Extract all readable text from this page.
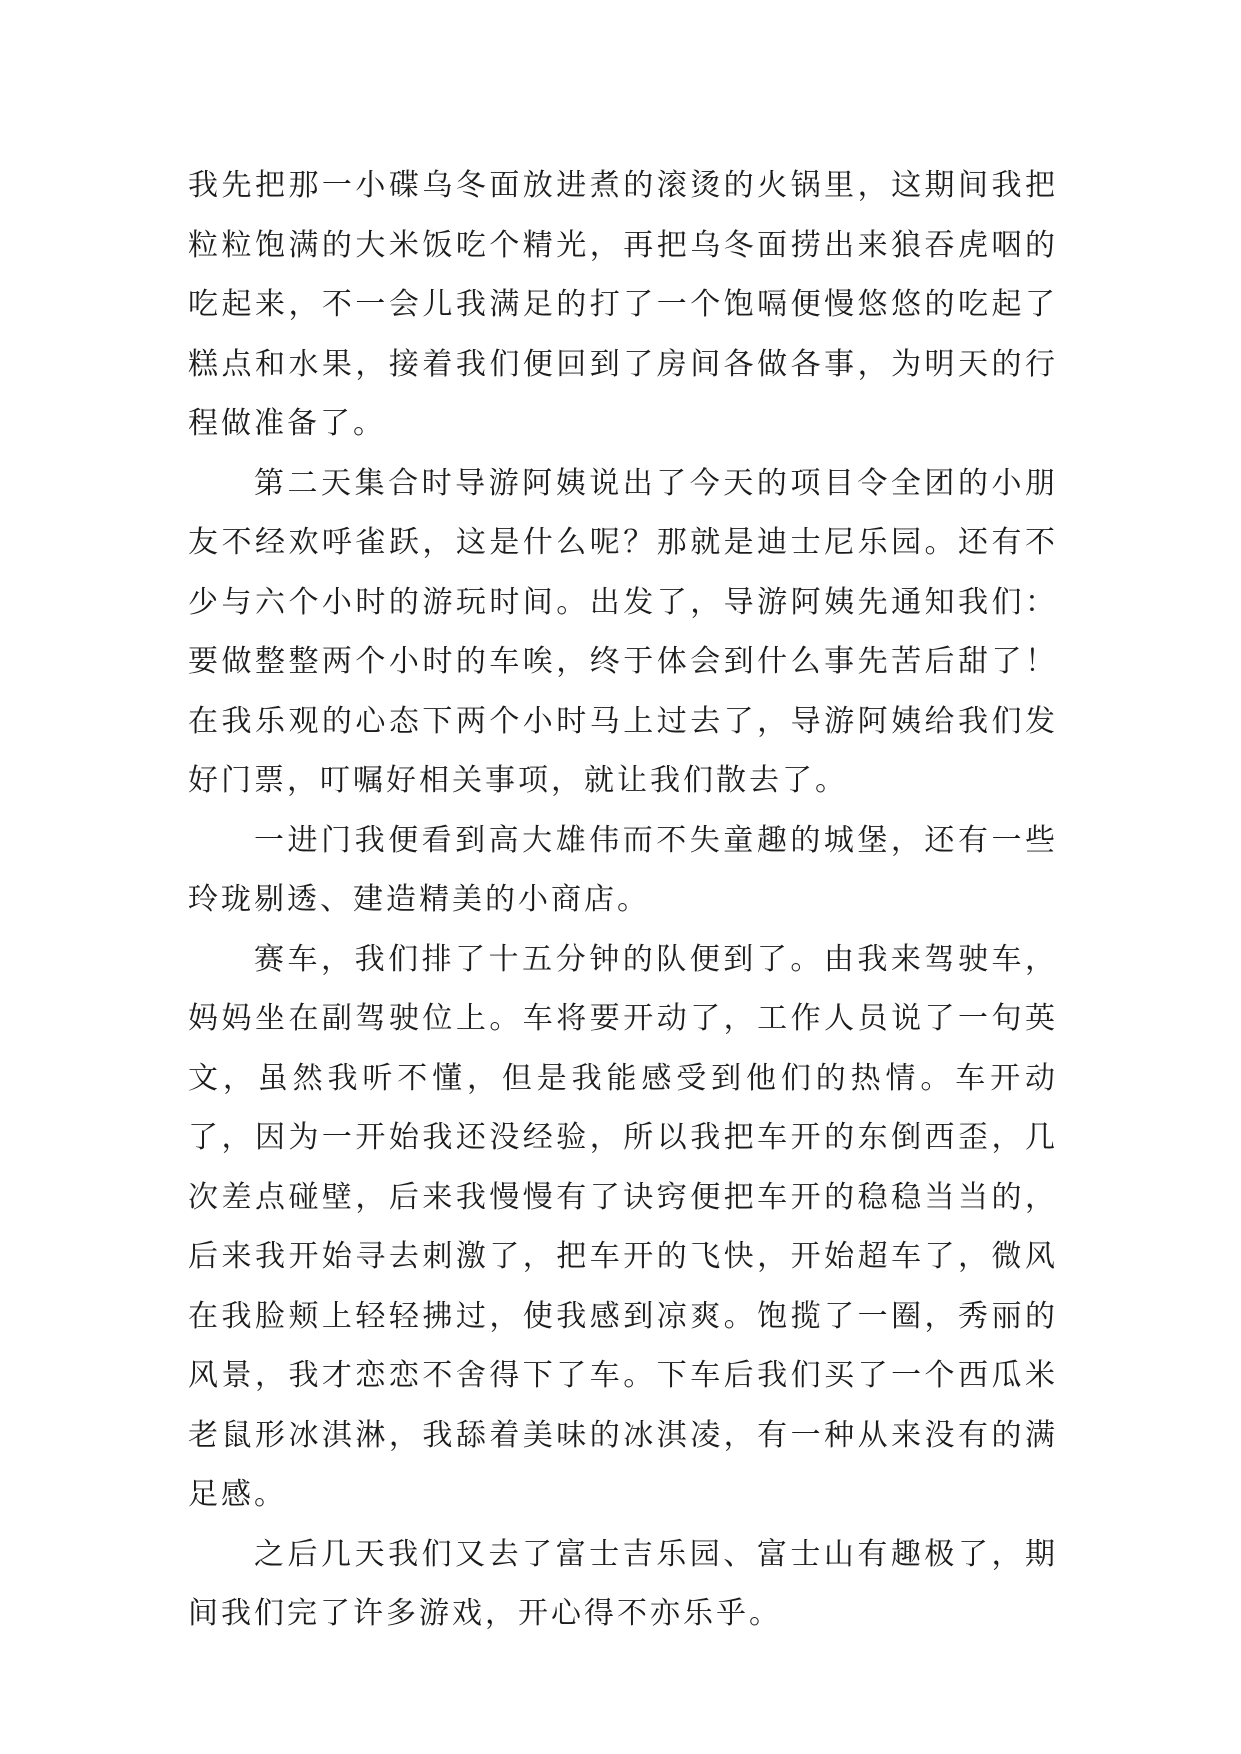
我先把那一小碟乌冬面放进煮的滚烫的火锅里，这期间我把粒粒饱满的大米饭吃个精光，再把乌冬面捞出来狼吞虎咽的吃起来，不一会儿我满足的打了一个饱嗝便慢悠悠的吃起了糕点和水果，接着我们便回到了房间各做各事，为明天的行程做准备了。

第二天集合时导游阿姨说出了今天的项目令全团的小朋友不经欢呼雀跃，这是什么呢？那就是迪士尼乐园。还有不少与六个小时的游玩时间。出发了，导游阿姨先通知我们：要做整整两个小时的车唉，终于体会到什么事先苦后甜了！在我乐观的心态下两个小时马上过去了，导游阿姨给我们发好门票，叮嘱好相关事项，就让我们散去了。

一进门我便看到高大雄伟而不失童趣的城堡，还有一些玲珑剔透、建造精美的小商店。

赛车，我们排了十五分钟的队便到了。由我来驾驶车，妈妈坐在副驾驶位上。车将要开动了，工作人员说了一句英文，虽然我听不懂，但是我能感受到他们的热情。车开动了，因为一开始我还没经验，所以我把车开的东倒西歪，几次差点碰壁，后来我慢慢有了诀窍便把车开的稳稳当当的，后来我开始寻去刺激了，把车开的飞快，开始超车了，微风在我脸颊上轻轻拂过，使我感到凉爽。饱揽了一圈，秀丽的风景，我才恋恋不舍得下了车。下车后我们买了一个西瓜米老鼠形冰淇淋，我舔着美味的冰淇凌，有一种从来没有的满足感。

之后几天我们又去了富士吉乐园、富士山有趣极了，期间我们完了许多游戏，开心得不亦乐乎。
